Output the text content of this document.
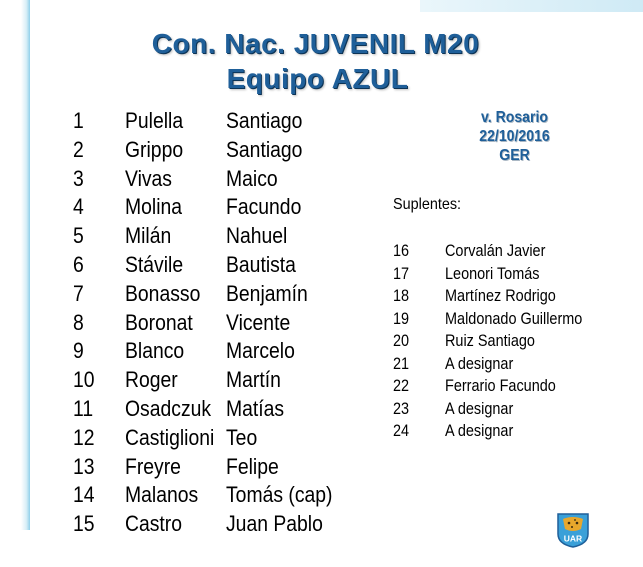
Con. Nac. JUVENIL M20
Equipo AZUL
1 Pulella Santiago
2 Grippo Santiago
3 Vivas Maico
4 Molina Facundo
5 Milán Nahuel
6 Stávile Bautista
7 Bonasso Benjamín
8 Boronat Vicente
9 Blanco Marcelo
10 Roger Martín
11 Osadczuk Matías
12 Castiglioni Teo
13 Freyre Felipe
14 Malanos Tomás (cap)
15 Castro Juan Pablo
v. Rosario
22/10/2016
GER
Suplentes:
16 Corvalán Javier
17 Leonori Tomás
18 Martínez Rodrigo
19 Maldonado Guillermo
20 Ruiz Santiago
21 A designar
22 Ferrario Facundo
23 A designar
24 A designar
UAR
